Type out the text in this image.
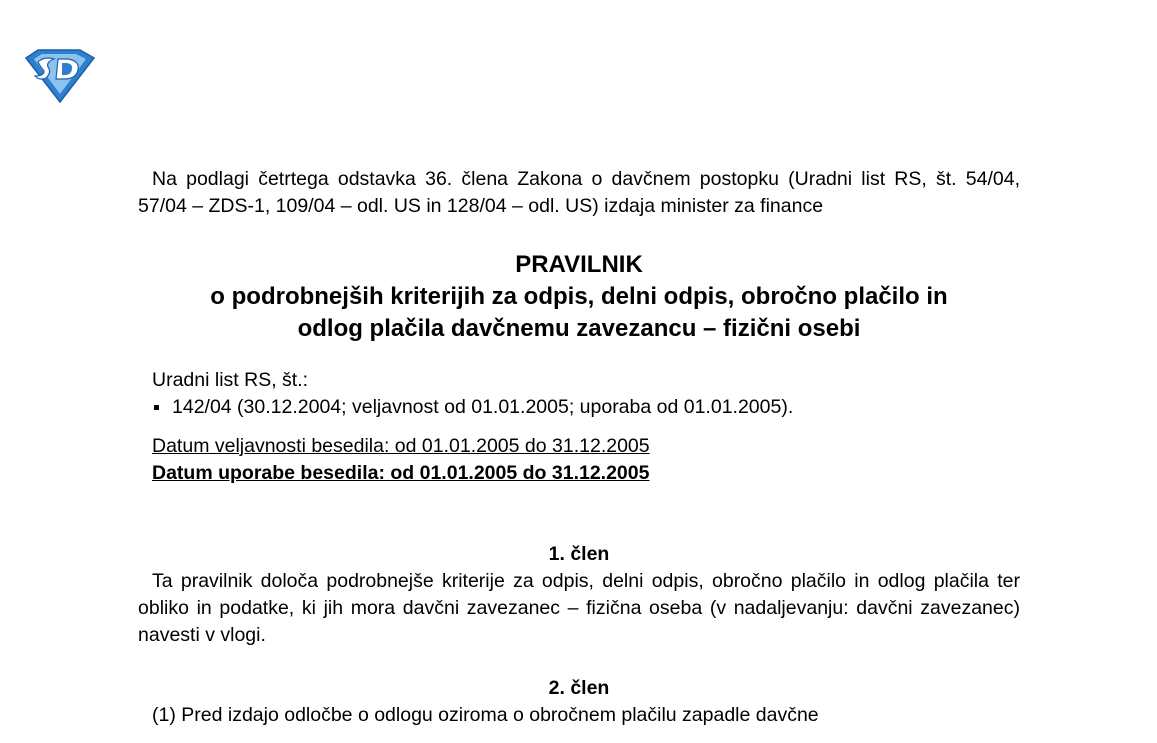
Na podlagi četrtega odstavka 36. člena Zakona o davčnem postopku (Uradni list RS, št. 54/04, 57/04 – ZDS-1, 109/04 – odl. US in 128/04 – odl. US) izdaja minister za finance

PRAVILNIK

o podrobnejših kriterijih za odpis, delni odpis, obročno plačilo in

odlog plačila davčnemu zavezancu – fizični osebi

Uradni list RS, št.:

142/04 (30.12.2004; veljavnost od 01.01.2005; uporaba od 01.01.2005).

Datum veljavnosti besedila: od 01.01.2005 do 31.12.2005

Datum uporabe besedila: od 01.01.2005 do 31.12.2005

1. člen

Ta pravilnik določa podrobnejše kriterije za odpis, delni odpis, obročno plačilo in odlog plačila ter obliko in podatke, ki jih mora davčni zavezanec – fizična oseba (v nadaljevanju: davčni zavezanec) navesti v vlogi.

2. člen

(1) Pred izdajo odločbe o odlogu oziroma o obročnem plačilu zapadle davčne
